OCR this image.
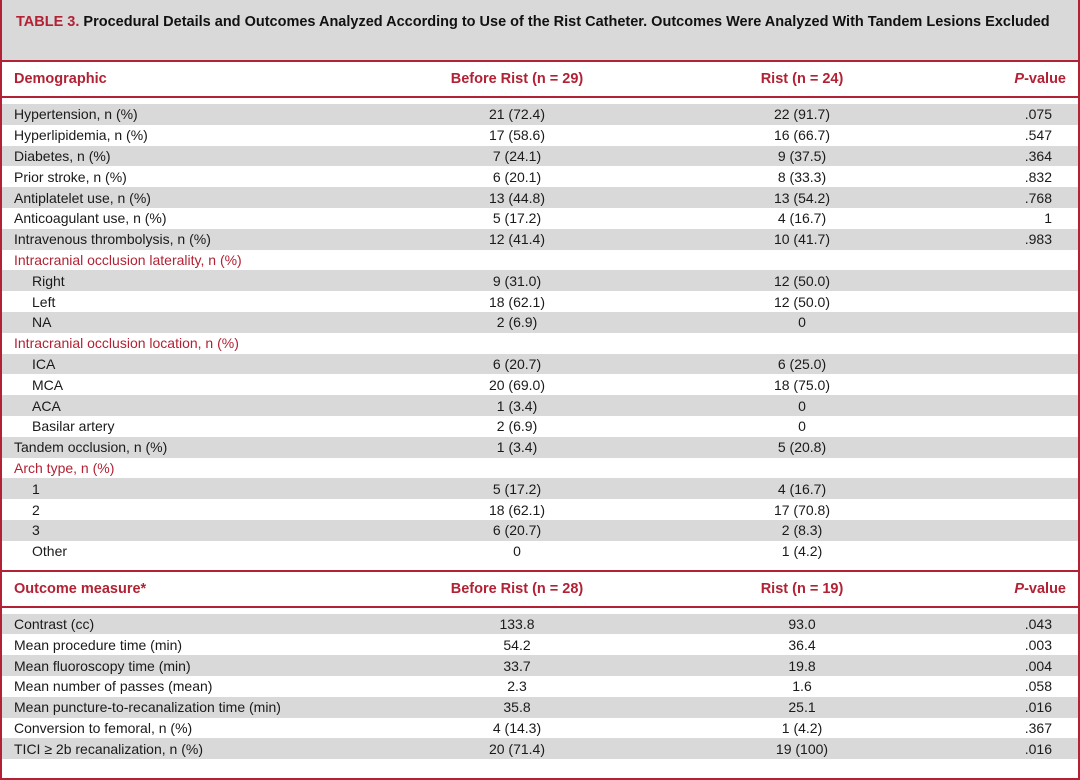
TABLE 3. Procedural Details and Outcomes Analyzed According to Use of the Rist Catheter. Outcomes Were Analyzed With Tandem Lesions Excluded
Demographic	Before Rist (n = 29)	Rist (n = 24)	P-value

Hypertension, n (%)	21 (72.4)	22 (91.7)	.075
Hyperlipidemia, n (%)	17 (58.6)	16 (66.7)	.547
Diabetes, n (%)	7 (24.1)	9 (37.5)	.364
Prior stroke, n (%)	6 (20.1)	8 (33.3)	.832
Antiplatelet use, n (%)	13 (44.8)	13 (54.2)	.768
Anticoagulant use, n (%)	5 (17.2)	4 (16.7)	1
Intravenous thrombolysis, n (%)	12 (41.4)	10 (41.7)	.983
Intracranial occlusion laterality, n (%)			
Right	9 (31.0)	12 (50.0)	
Left	18 (62.1)	12 (50.0)	
NA	2 (6.9)	0	
Intracranial occlusion location, n (%)			
ICA	6 (20.7)	6 (25.0)	
MCA	20 (69.0)	18 (75.0)	
ACA	1 (3.4)	0	
Basilar artery	2 (6.9)	0	
Tandem occlusion, n (%)	1 (3.4)	5 (20.8)	
Arch type, n (%)			
1	5 (17.2)	4 (16.7)	
2	18 (62.1)	17 (70.8)	
3	6 (20.7)	2 (8.3)	
Other	0	1 (4.2)	

Outcome measure*	Before Rist (n = 28)	Rist (n = 19)	P-value

Contrast (cc)	133.8	93.0	.043
Mean procedure time (min)	54.2	36.4	.003
Mean fluoroscopy time (min)	33.7	19.8	.004
Mean number of passes (mean)	2.3	1.6	.058
Mean puncture-to-recanalization time (min)	35.8	25.1	.016
Conversion to femoral, n (%)	4 (14.3)	1 (4.2)	.367
TICI ≥ 2b recanalization, n (%)	20 (71.4)	19 (100)	.016
